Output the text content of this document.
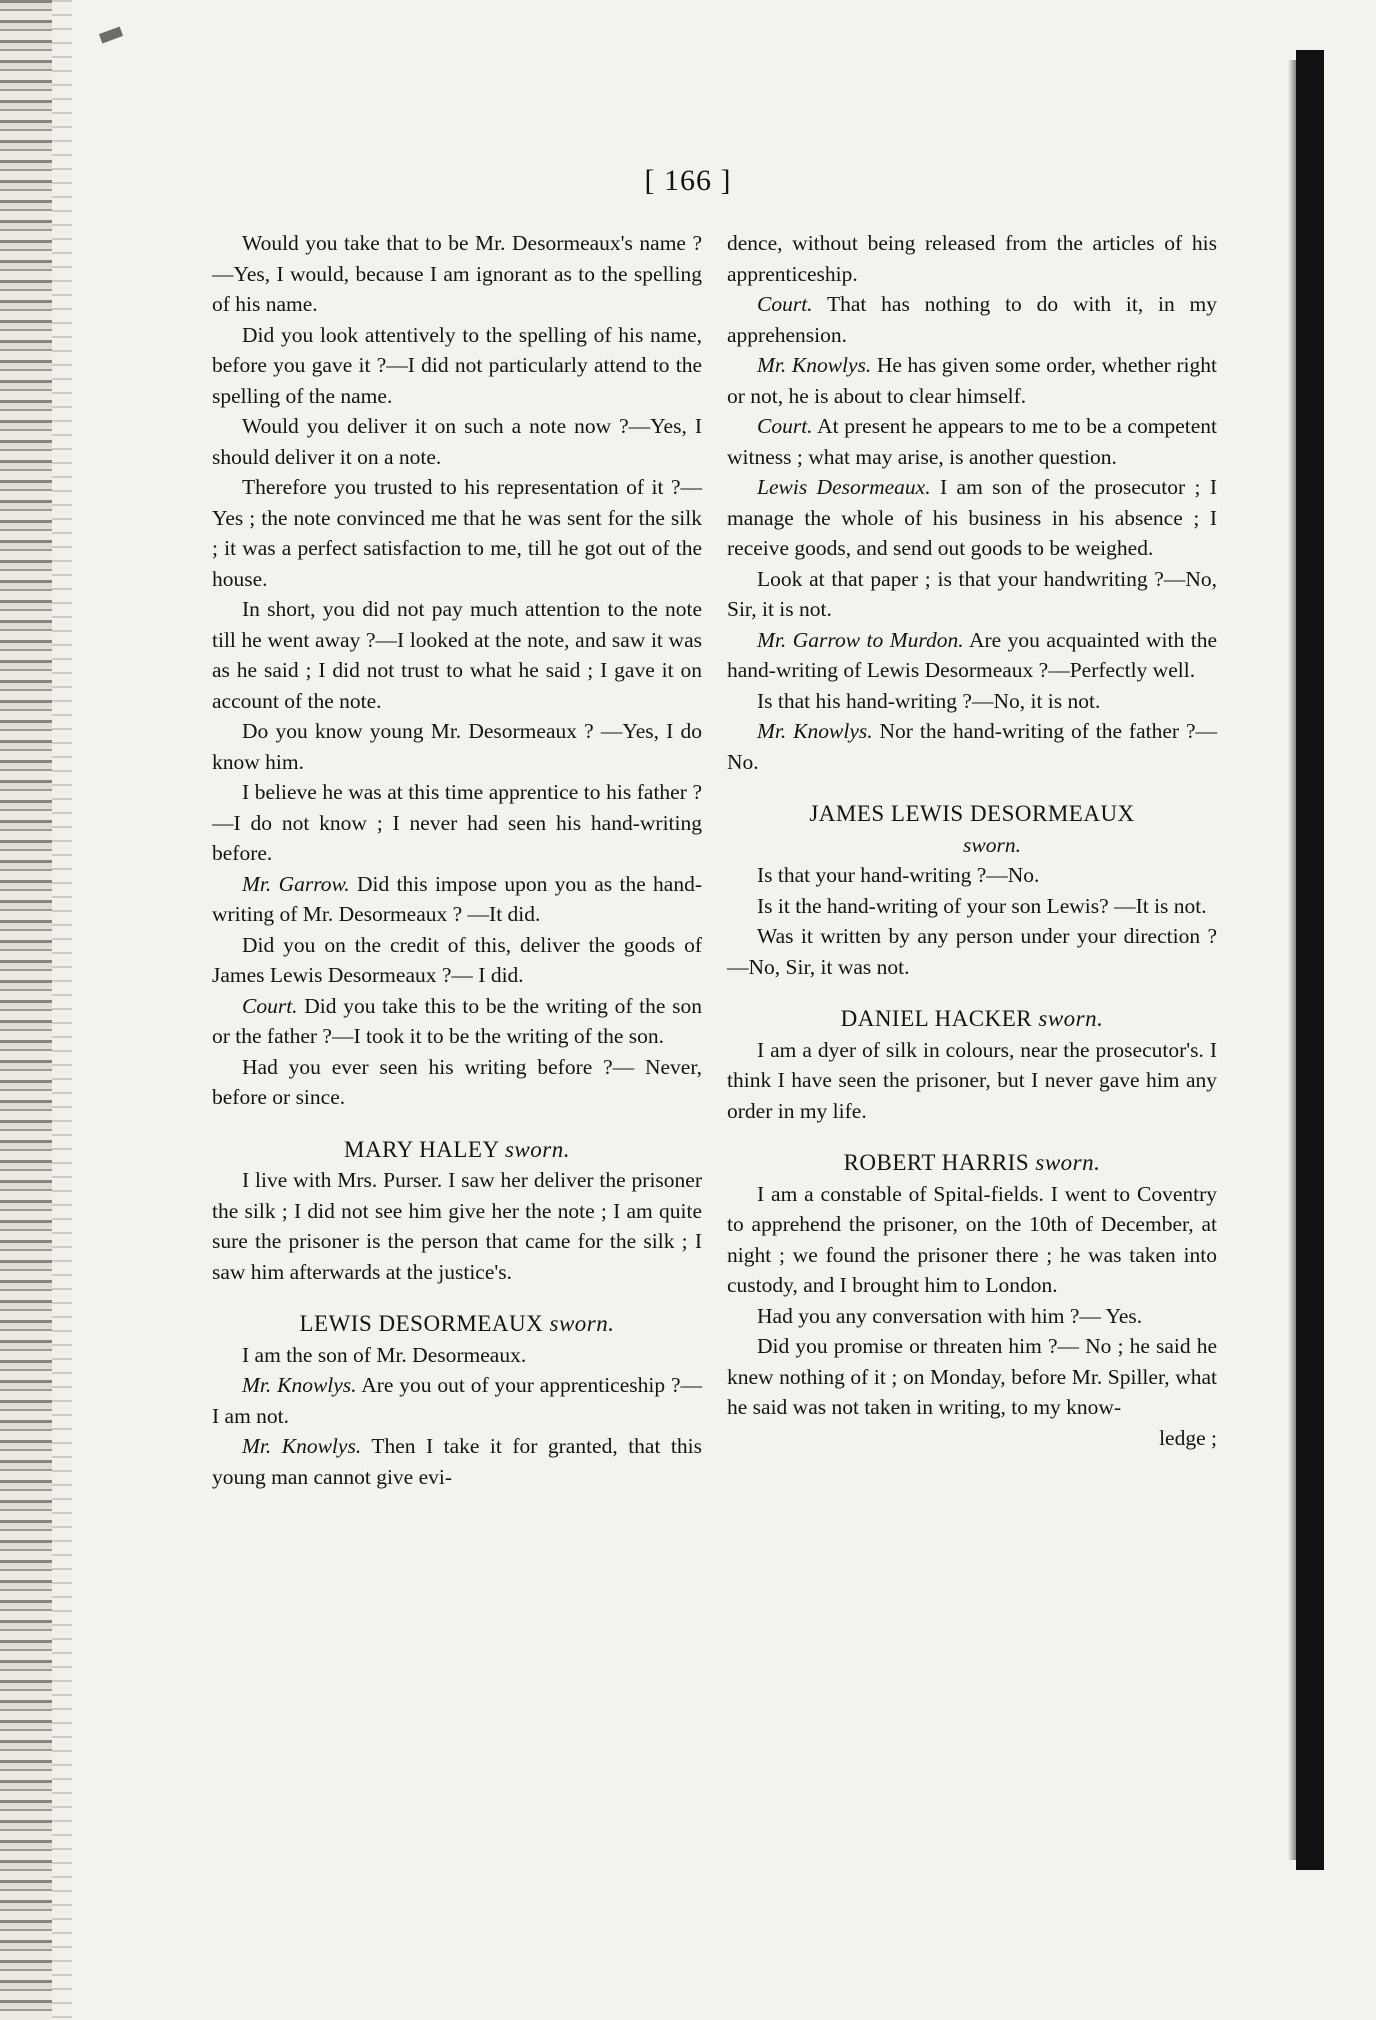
[ 166 ]

Would you take that to be Mr. Desormeaux's name ?—Yes, I would, because I am ignorant as to the spelling of his name.

Did you look attentively to the spelling of his name, before you gave it ?—I did not particularly attend to the spelling of the name.

Would you deliver it on such a note now ?—Yes, I should deliver it on a note.

Therefore you trusted to his representation of it ?—Yes ; the note convinced me that he was sent for the silk ; it was a perfect satisfaction to me, till he got out of the house.

In short, you did not pay much attention to the note till he went away ?—I looked at the note, and saw it was as he said ; I did not trust to what he said ; I gave it on account of the note.

Do you know young Mr. Desormeaux ? —Yes, I do know him.

I believe he was at this time apprentice to his father ?—I do not know ; I never had seen his hand-writing before.

Mr. Garrow. Did this impose upon you as the hand-writing of Mr. Desormeaux ? —It did.

Did you on the credit of this, deliver the goods of James Lewis Desormeaux ?— I did.

Court. Did you take this to be the writing of the son or the father ?—I took it to be the writing of the son.

Had you ever seen his writing before ?— Never, before or since.

MARY HALEY sworn.

I live with Mrs. Purser. I saw her deliver the prisoner the silk ; I did not see him give her the note ; I am quite sure the prisoner is the person that came for the silk ; I saw him afterwards at the justice's.

LEWIS DESORMEAUX sworn.

I am the son of Mr. Desormeaux.

Mr. Knowlys. Are you out of your apprenticeship ?—I am not.

Mr. Knowlys. Then I take it for granted, that this young man cannot give evi-

dence, without being released from the articles of his apprenticeship.

Court. That has nothing to do with it, in my apprehension.

Mr. Knowlys. He has given some order, whether right or not, he is about to clear himself.

Court. At present he appears to me to be a competent witness ; what may arise, is another question.

Lewis Desormeaux. I am son of the prosecutor ; I manage the whole of his business in his absence ; I receive goods, and send out goods to be weighed.

Look at that paper ; is that your handwriting ?—No, Sir, it is not.

Mr. Garrow to Murdon. Are you acquainted with the hand-writing of Lewis Desormeaux ?—Perfectly well.

Is that his hand-writing ?—No, it is not.

Mr. Knowlys. Nor the hand-writing of the father ?—No.

JAMES LEWIS DESORMEAUX

sworn.

Is that your hand-writing ?—No.

Is it the hand-writing of your son Lewis? —It is not.

Was it written by any person under your direction ?—No, Sir, it was not.

DANIEL HACKER sworn.

I am a dyer of silk in colours, near the prosecutor's. I think I have seen the prisoner, but I never gave him any order in my life.

ROBERT HARRIS sworn.

I am a constable of Spital-fields. I went to Coventry to apprehend the prisoner, on the 10th of December, at night ; we found the prisoner there ; he was taken into custody, and I brought him to London.

Had you any conversation with him ?— Yes.

Did you promise or threaten him ?— No ; he said he knew nothing of it ; on Monday, before Mr. Spiller, what he said was not taken in writing, to my know-

ledge ;
